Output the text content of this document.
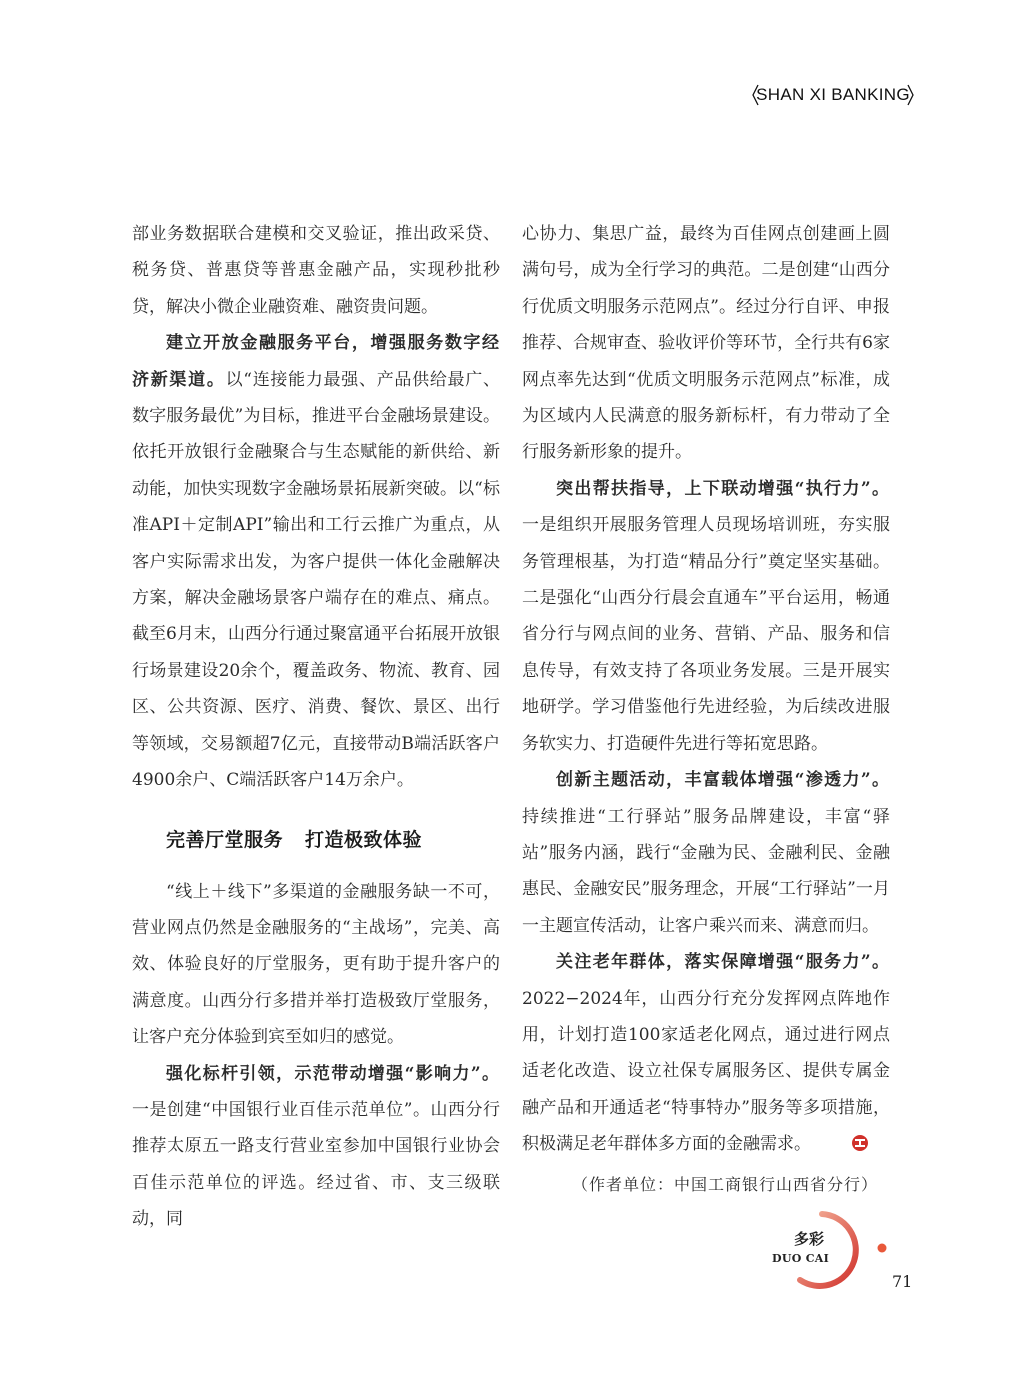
SHAN XI BANKING

部业务数据联合建模和交叉验证，推出政采贷、税务贷、普惠贷等普惠金融产品，实现秒批秒贷，解决小微企业融资难、融资贵问题。

建立开放金融服务平台，增强服务数字经济新渠道。以“连接能力最强、产品供给最广、数字服务最优”为目标，推进平台金融场景建设。依托开放银行金融聚合与生态赋能的新供给、新动能，加快实现数字金融场景拓展新突破。以“标准API＋定制API”输出和工行云推广为重点，从客户实际需求出发，为客户提供一体化金融解决方案，解决金融场景客户端存在的难点、痛点。截至6月末，山西分行通过聚富通平台拓展开放银行场景建设20余个，覆盖政务、物流、教育、园区、公共资源、医疗、消费、餐饮、景区、出行等领域，交易额超7亿元，直接带动B端活跃客户4900余户、C端活跃客户14万余户。

完善厅堂服务 打造极致体验

“线上＋线下”多渠道的金融服务缺一不可，营业网点仍然是金融服务的“主战场”，完美、高效、体验良好的厅堂服务，更有助于提升客户的满意度。山西分行多措并举打造极致厅堂服务，让客户充分体验到宾至如归的感觉。

强化标杆引领，示范带动增强“影响力”。一是创建“中国银行业百佳示范单位”。山西分行推荐太原五一路支行营业室参加中国银行业协会百佳示范单位的评选。经过省、市、支三级联动，同

心协力、集思广益，最终为百佳网点创建画上圆满句号，成为全行学习的典范。二是创建“山西分行优质文明服务示范网点”。经过分行自评、申报推荐、合规审查、验收评价等环节，全行共有6家网点率先达到“优质文明服务示范网点”标准，成为区域内人民满意的服务新标杆，有力带动了全行服务新形象的提升。

突出帮扶指导，上下联动增强“执行力”。一是组织开展服务管理人员现场培训班，夯实服务管理根基，为打造“精品分行”奠定坚实基础。二是强化“山西分行晨会直通车”平台运用，畅通省分行与网点间的业务、营销、产品、服务和信息传导，有效支持了各项业务发展。三是开展实地研学。学习借鉴他行先进经验，为后续改进服务软实力、打造硬件先进行等拓宽思路。

创新主题活动，丰富载体增强“渗透力”。持续推进“工行驿站”服务品牌建设，丰富“驿站”服务内涵，践行“金融为民、金融利民、金融惠民、金融安民”服务理念，开展“工行驿站”一月一主题宣传活动，让客户乘兴而来、满意而归。

关注老年群体，落实保障增强“服务力”。2022−2024年，山西分行充分发挥网点阵地作用，计划打造100家适老化网点，通过进行网点适老化改造、设立社保专属服务区、提供专属金融产品和开通适老“特事特办”服务等多项措施，积极满足老年群体多方面的金融需求。

（作者单位：中国工商银行山西省分行）
多彩
DUO CAI
71
